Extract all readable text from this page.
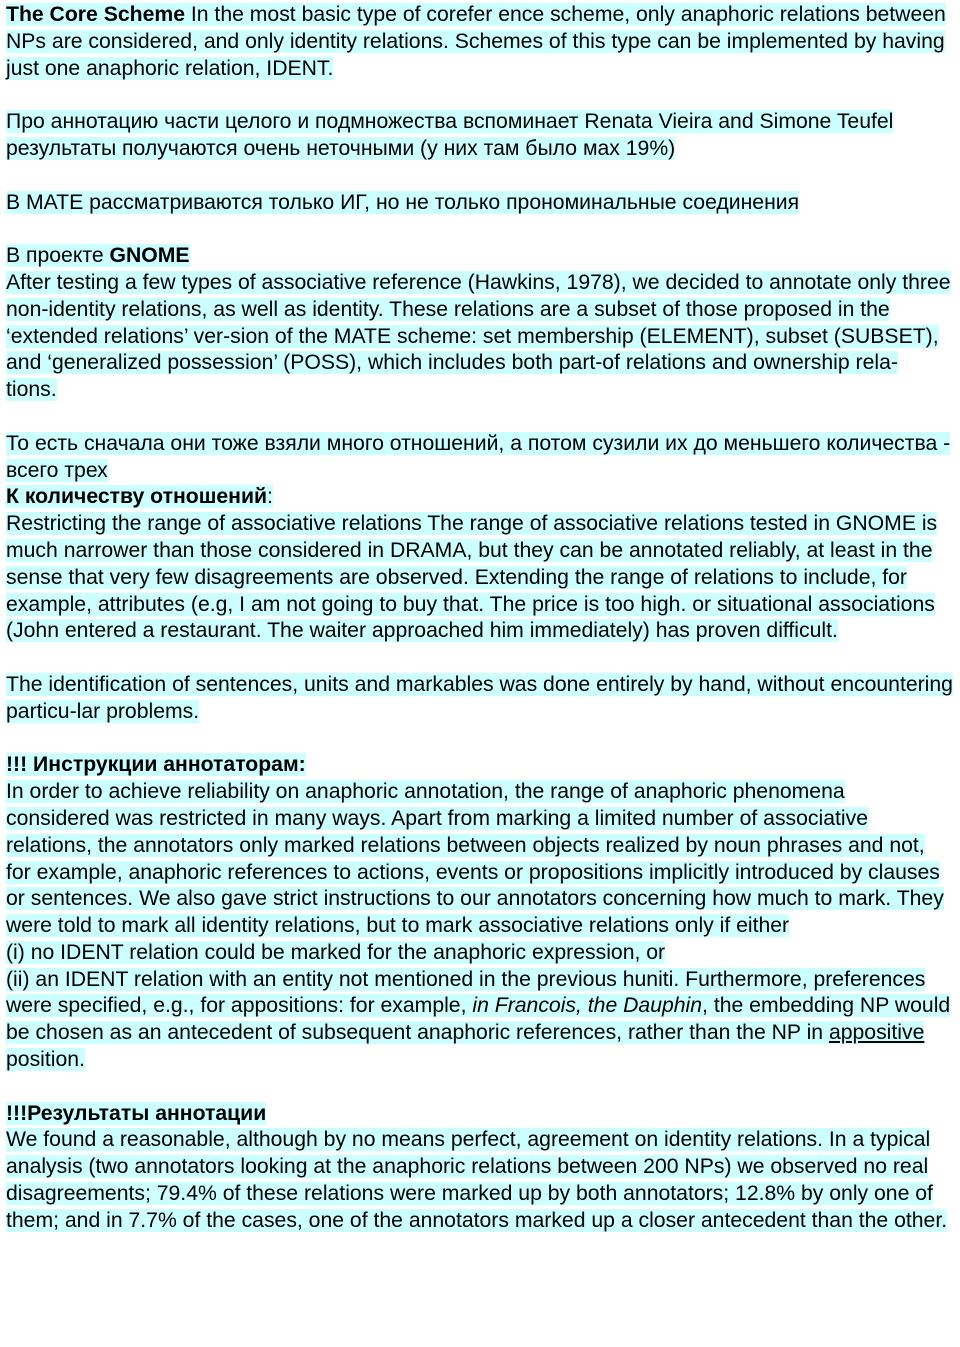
The Core Scheme In the most basic type of corefer ence scheme, only anaphoric relations between NPs are considered, and only identity relations. Schemes of this type can be implemented by having just one anaphoric relation, IDENT.

Про аннотацию части целого и подмножества вспоминает Renata Vieira and Simone Teufel результаты получаются очень неточными (у них там было мах 19%)

В МАТЕ рассматриваются только ИГ, но не только прономинальные соединения

В проекте GNOME

After testing a few types of associative reference (Hawkins, 1978), we decided to annotate only three non-identity relations, as well as identity. These relations are a subset of those proposed in the ‘extended relations’ ver-sion of the MATE scheme: set membership (ELEMENT), subset (SUBSET), and ‘generalized possession’ (POSS), which includes both part-of relations and ownership rela-
tions.

То есть сначала они тоже взяли много отношений, а потом сузили их до меньшего количества - всего трех

К количеству отношений:

Restricting the range of associative relations The range of associative relations tested in GNOME is much narrower than those considered in DRAMA, but they can be annotated reliably, at least in the sense that very few disagreements are observed. Extending the range of relations to include, for example, attributes (e.g, I am not going to buy that. The price is too high. or situational associations (John entered a restaurant. The waiter approached him immediately) has proven difficult.

The identification of sentences, units and markables was done entirely by hand, without encountering particu-lar problems.

!!! Инструкции аннотаторам:

In order to achieve reliability on anaphoric annotation, the range of anaphoric phenomena considered was restricted in many ways. Apart from marking a limited number of associative relations, the annotators only marked relations between objects realized by noun phrases and not, for example, anaphoric references to actions, events or propositions implicitly introduced by clauses or sentences. We also gave strict instructions to our annotators concerning how much to mark. They were told to mark all identity relations, but to mark associative relations only if either

(i) no IDENT relation could be marked for the anaphoric expression, or

(ii) an IDENT relation with an entity not mentioned in the previous huniti. Furthermore, preferences were specified, e.g., for appositions: for example, in Francois, the Dauphin, the embedding NP would be chosen as an antecedent of subsequent anaphoric references, rather than the NP in appositive position.

!!!Результаты аннотации

We found a reasonable, although by no means perfect, agreement on identity relations. In a typical analysis (two annotators looking at the anaphoric relations between 200 NPs) we observed no real disagreements; 79.4% of these relations were marked up by both annotators; 12.8% by only one of them; and in 7.7% of the cases, one of the annotators marked up a closer antecedent than the other.
